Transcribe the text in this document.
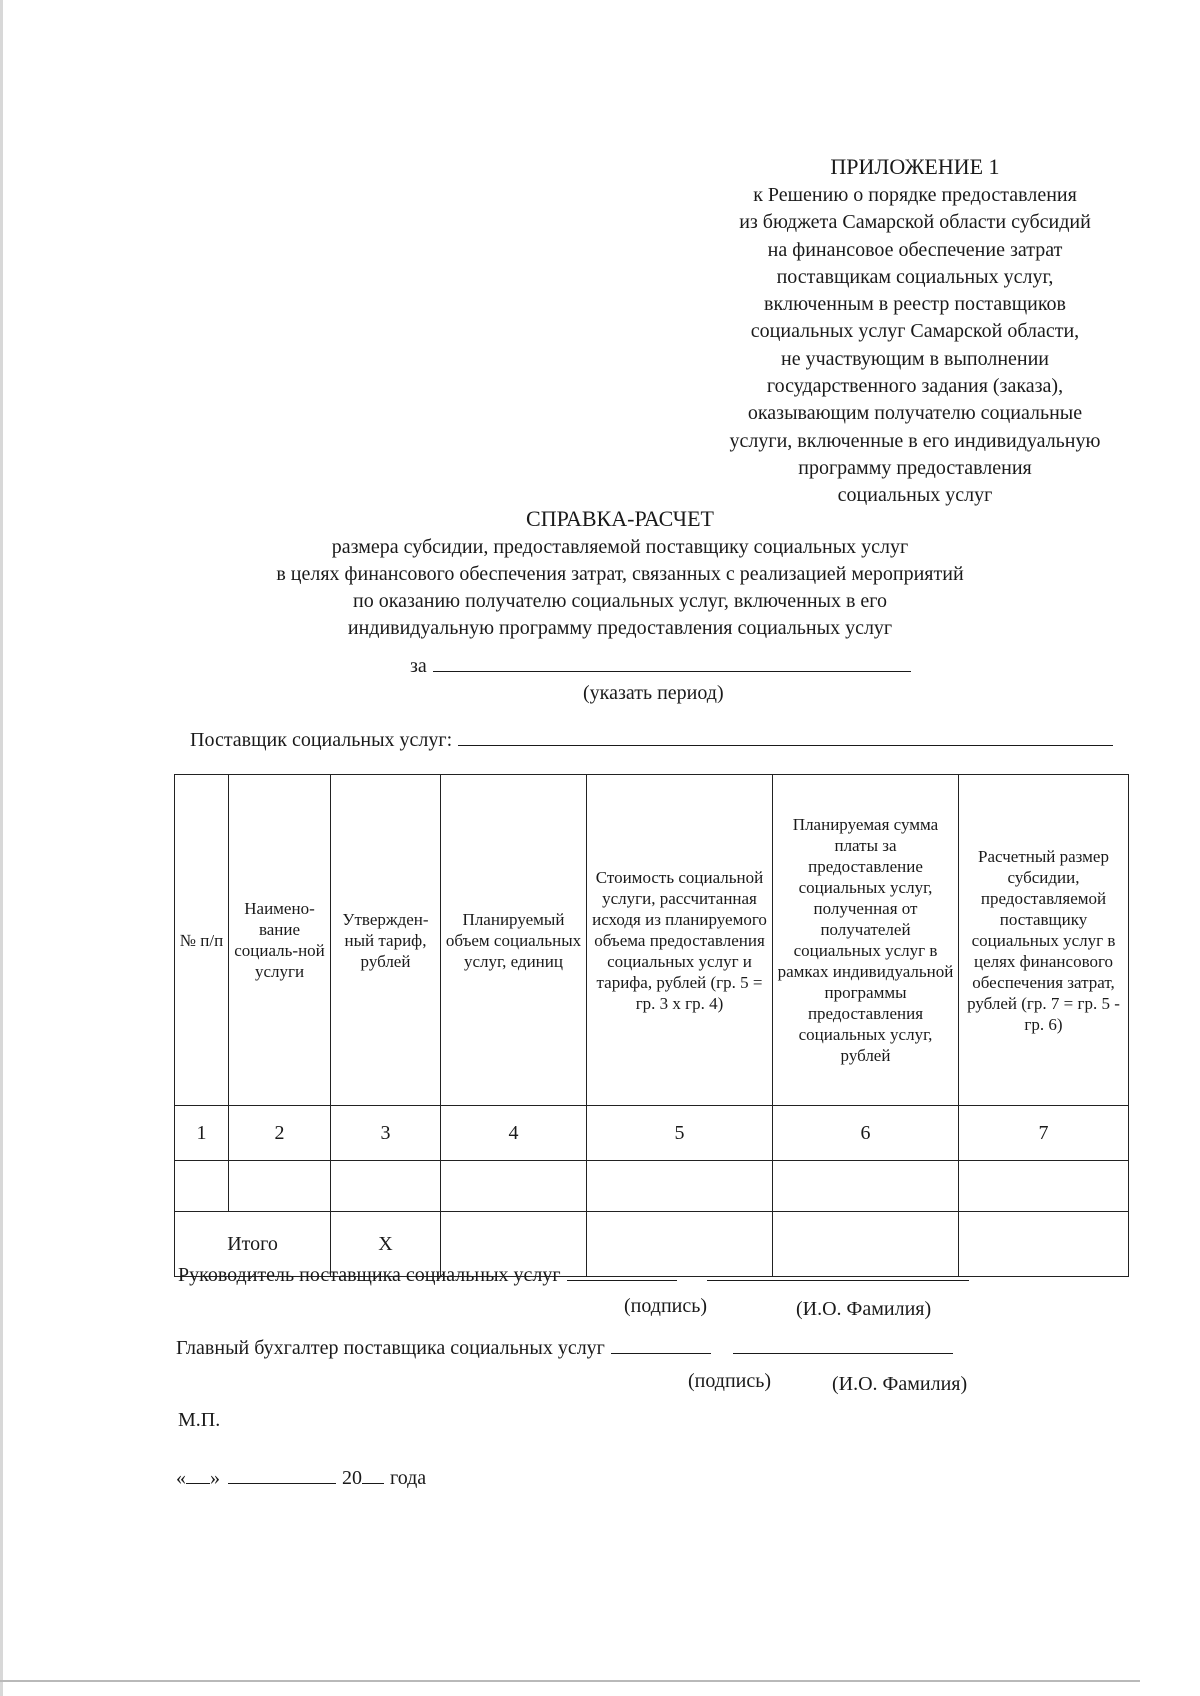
ПРИЛОЖЕНИЕ 1
к Решению о порядке предоставления
из бюджета Самарской области субсидий
на финансовое обеспечение затрат
поставщикам социальных услуг,
включенным в реестр поставщиков
социальных услуг Самарской области,
не участвующим в выполнении
государственного задания (заказа),
оказывающим получателю социальные
услуги, включенные в его индивидуальную
программу предоставления
социальных услуг
СПРАВКА-РАСЧЕТ
размера субсидии, предоставляемой поставщику социальных услуг
в целях финансового обеспечения затрат, связанных с реализацией мероприятий
по оказанию получателю социальных услуг, включенных в его
индивидуальную программу предоставления социальных услуг
за
(указать период)
Поставщик социальных услуг:
№ п/п	Наимено-вание социаль-ной услуги	Утвержден-ный тариф, рублей	Планируемый объем социальных услуг, единиц	Стоимость социальной услуги, рассчитанная исходя из планируемого объема предоставления социальных услуг и тарифа, рублей (гр. 5 = гр. 3 х гр. 4)	Планируемая сумма платы за предоставление социальных услуг, полученная от получателей социальных услуг в рамках индивидуальной программы предоставления социальных услуг, рублей	Расчетный размер субсидии, предоставляемой поставщику социальных услуг в целях финансового обеспечения затрат, рублей (гр. 7 = гр. 5 - гр. 6)
1	2	3	4	5	6	7

Итого		Х				
Руководитель поставщика социальных услуг
(подпись)	(И.О. Фамилия)
Главный бухгалтер поставщика социальных услуг
(подпись)	(И.О. Фамилия)
М.П.
« »	20 года
